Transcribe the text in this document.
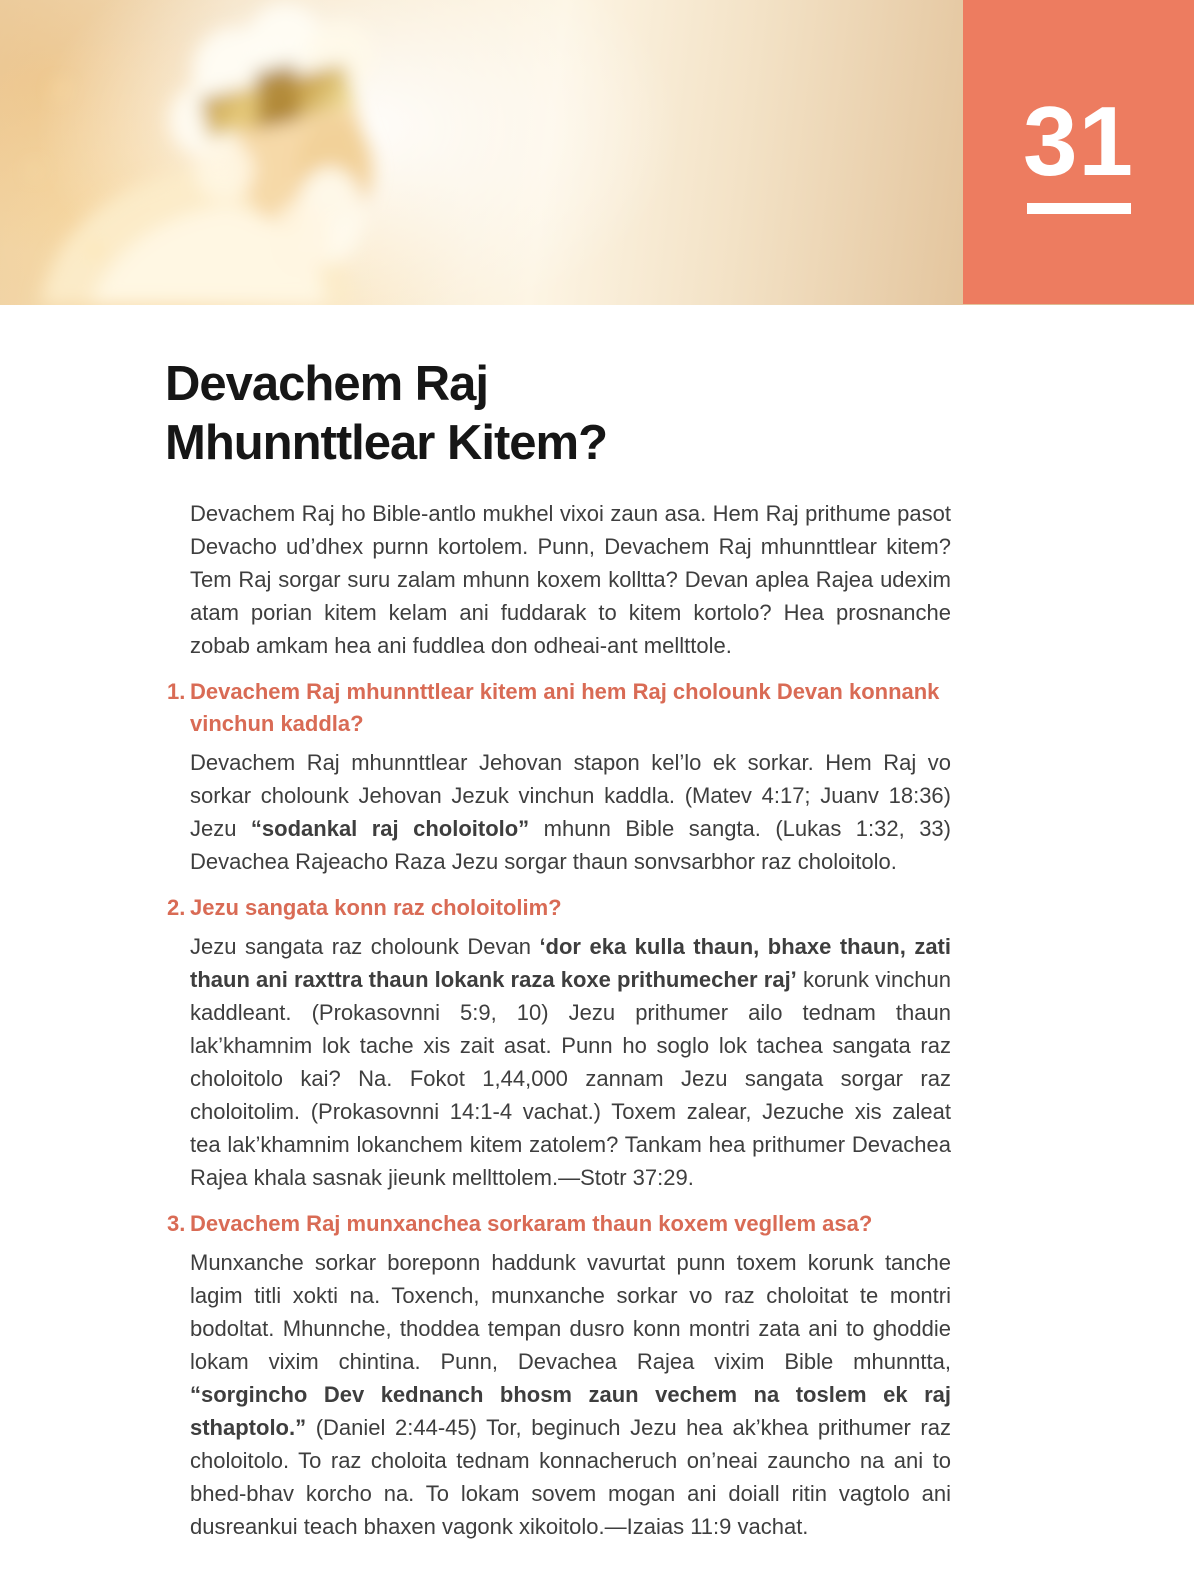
31
Devachem Raj
Mhunnttlear Kitem?

Devachem Raj ho Bible-antlo mukhel vixoi zaun asa. Hem Raj prithume pasot Devacho ud’dhex purnn kortolem. Punn, Devachem Raj mhunnttlear kitem? Tem Raj sorgar suru zalam mhunn koxem kolltta? Devan aplea Rajea udexim atam porian kitem kelam ani fuddarak to kitem kortolo? Hea prosnanche zobab amkam hea ani fuddlea don odheai-ant mellttole.

1. Devachem Raj mhunnttlear kitem ani hem Raj cholounk Devan konnank vinchun kaddla?

Devachem Raj mhunnttlear Jehovan stapon kel’lo ek sorkar. Hem Raj vo sorkar cholounk Jehovan Jezuk vinchun kaddla. (Matev 4:17; Juanv 18:36) Jezu “sodankal raj choloitolo” mhunn Bible sangta. (Lukas 1:32, 33) Devachea Rajeacho Raza Jezu sorgar thaun sonvsarbhor raz choloitolo.

2. Jezu sangata konn raz choloitolim?

Jezu sangata raz cholounk Devan ‘dor eka kulla thaun, bhaxe thaun, zati thaun ani raxttra thaun lokank raza koxe prithumecher raj’ korunk vinchun kaddleant. (Prokasovnni 5:9, 10) Jezu prithumer ailo tednam thaun lak’khamnim lok tache xis zait asat. Punn ho soglo lok tachea sangata raz choloitolo kai? Na. Fokot 1,44,000 zannam Jezu sangata sorgar raz choloitolim. (Prokasovnni 14:1-4 vachat.) Toxem zalear, Jezuche xis zaleat tea lak’khamnim lokanchem kitem zatolem? Tankam hea prithumer Devachea Rajea khala sasnak jieunk mellttolem.—Stotr 37:29.

3. Devachem Raj munxanchea sorkaram thaun koxem vegllem asa?

Munxanche sorkar boreponn haddunk vavurtat punn toxem korunk tanche lagim titli xokti na. Toxench, munxanche sorkar vo raz choloitat te montri bodoltat. Mhunnche, thoddea tempan dusro konn montri zata ani to ghoddie lokam vixim chintina. Punn, Devachea Rajea vixim Bible mhunntta, “sorgincho Dev kednanch bhosm zaun vechem na toslem ek raj sthaptolo.” (Daniel 2:44-45) Tor, beginuch Jezu hea ak’khea prithumer raz choloitolo. To raz choloita tednam konnacheruch on’neai zauncho na ani to bhed-bhav korcho na. To lokam sovem mogan ani doiall ritin vagtolo ani dusreankui teach bhaxen vagonk xikoitolo.—Izaias 11:9 vachat.
